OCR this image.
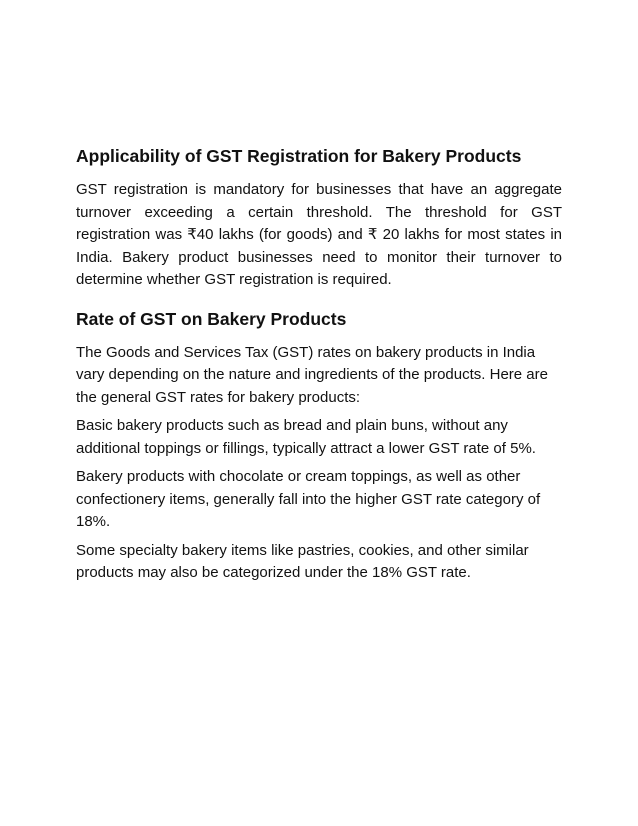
Applicability of GST Registration for Bakery Products

GST registration is mandatory for businesses that have an aggregate turnover exceeding a certain threshold. The threshold for GST registration was ₹40 lakhs (for goods) and ₹ 20 lakhs for most states in India. Bakery product businesses need to monitor their turnover to determine whether GST registration is required.

Rate of GST on Bakery Products

The Goods and Services Tax (GST) rates on bakery products in India vary depending on the nature and ingredients of the products. Here are the general GST rates for bakery products:

Basic bakery products such as bread and plain buns, without any additional toppings or fillings, typically attract a lower GST rate of 5%.

Bakery products with chocolate or cream toppings, as well as other confectionery items, generally fall into the higher GST rate category of 18%.

Some specialty bakery items like pastries, cookies, and other similar products may also be categorized under the 18% GST rate.
